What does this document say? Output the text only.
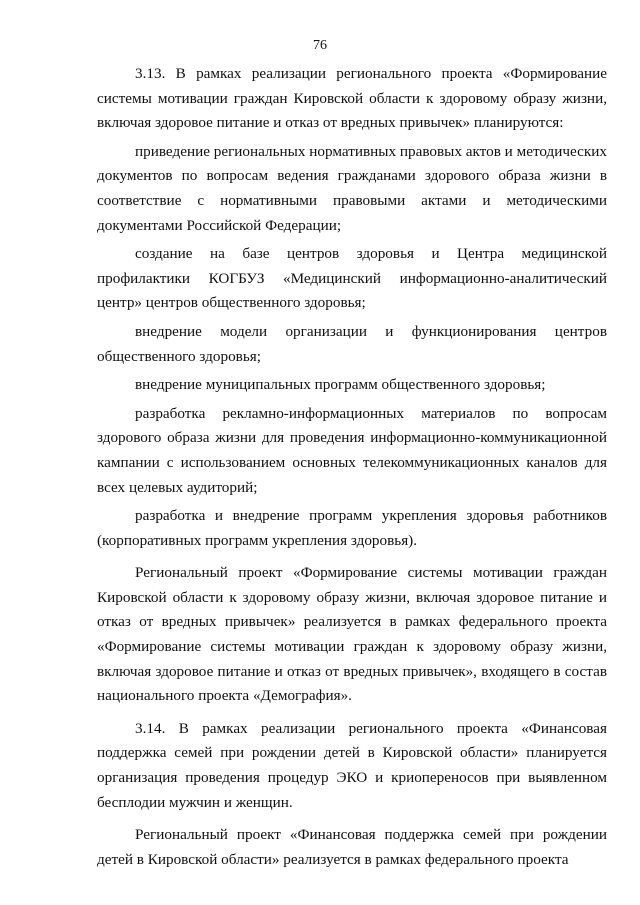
76

3.13. В рамках реализации регионального проекта «Формирование системы мотивации граждан Кировской области к здоровому образу жизни, включая здоровое питание и отказ от вредных привычек» планируются:

приведение региональных нормативных правовых актов и методических документов по вопросам ведения гражданами здорового образа жизни в соответствие с нормативными правовыми актами и методическими документами Российской Федерации;

создание на базе центров здоровья и Центра медицинской профилактики КОГБУЗ «Медицинский информационно-аналитический центр» центров общественного здоровья;

внедрение модели организации и функционирования центров общественного здоровья;

внедрение муниципальных программ общественного здоровья;

разработка рекламно-информационных материалов по вопросам здорового образа жизни для проведения информационно-коммуникационной кампании с использованием основных телекоммуникационных каналов для всех целевых аудиторий;

разработка и внедрение программ укрепления здоровья работников (корпоративных программ укрепления здоровья).

Региональный проект «Формирование системы мотивации граждан Кировской области к здоровому образу жизни, включая здоровое питание и отказ от вредных привычек» реализуется в рамках федерального проекта «Формирование системы мотивации граждан к здоровому образу жизни, включая здоровое питание и отказ от вредных привычек», входящего в состав национального проекта «Демография».

3.14. В рамках реализации регионального проекта «Финансовая поддержка семей при рождении детей в Кировской области» планируется организация проведения процедур ЭКО и криопереносов при выявленном бесплодии мужчин и женщин.

Региональный проект «Финансовая поддержка семей при рождении детей в Кировской области» реализуется в рамках федерального проекта
